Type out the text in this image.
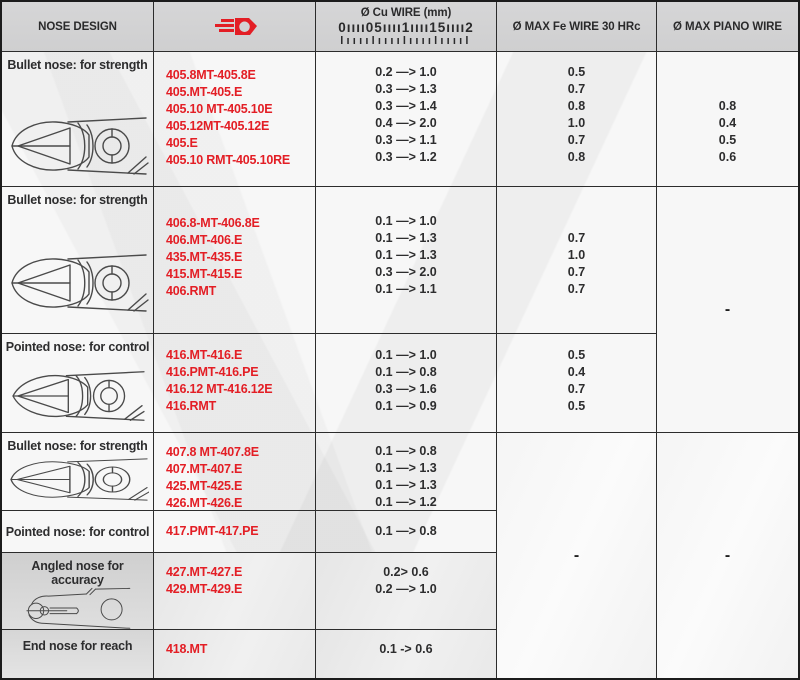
NOSE DESIGN
Ø Cu WIRE (mm)
0ıııı05ıııı1ıııı15ıııı2
lıııılıııılıııılııııl
Ø MAX Fe WIRE 30 HRc	Ø MAX PIANO WIRE
Bullet nose: for strength
Bullet nose: for strength
Pointed nose: for control
Bullet nose: for strength
Pointed nose: for control
Angled nose for accuracy
End nose for reach
405.8MT-405.8E
405.MT-405.E
405.10 MT-405.10E
405.12MT-405.12E
405.E
405.10 RMT-405.10RE
406.8-MT-406.8E
406.MT-406.E
435.MT-435.E
415.MT-415.E
406.RMT
416.MT-416.E
416.PMT-416.PE
416.12 MT-416.12E
416.RMT
407.8 MT-407.8E
407.MT-407.E
425.MT-425.E
426.MT-426.E
417.PMT-417.PE
427.MT-427.E
429.MT-429.E
418.MT
0.2 —> 1.0
0.3 —> 1.3
0.3 —> 1.4
0.4 —> 2.0
0.3 —> 1.1
0.3 —> 1.2
0.1 —> 1.0
0.1 —> 1.3
0.1 —> 1.3
0.3 —> 2.0
0.1 —> 1.1
0.1 —> 1.0
0.1 —> 0.8
0.3 —> 1.6
0.1 —> 0.9
0.1 —> 0.8
0.1 —> 1.3
0.1 —> 1.3
0.1 —> 1.2
0.1 —> 0.8
0.2> 0.6
0.2 —> 1.0
0.1 -> 0.6
0.5
0.7
0.8
1.0
0.7
0.8

0.7
1.0
0.7
0.7
0.5
0.4
0.7
0.5
-

0.8
0.4
0.5
0.6
-
-
